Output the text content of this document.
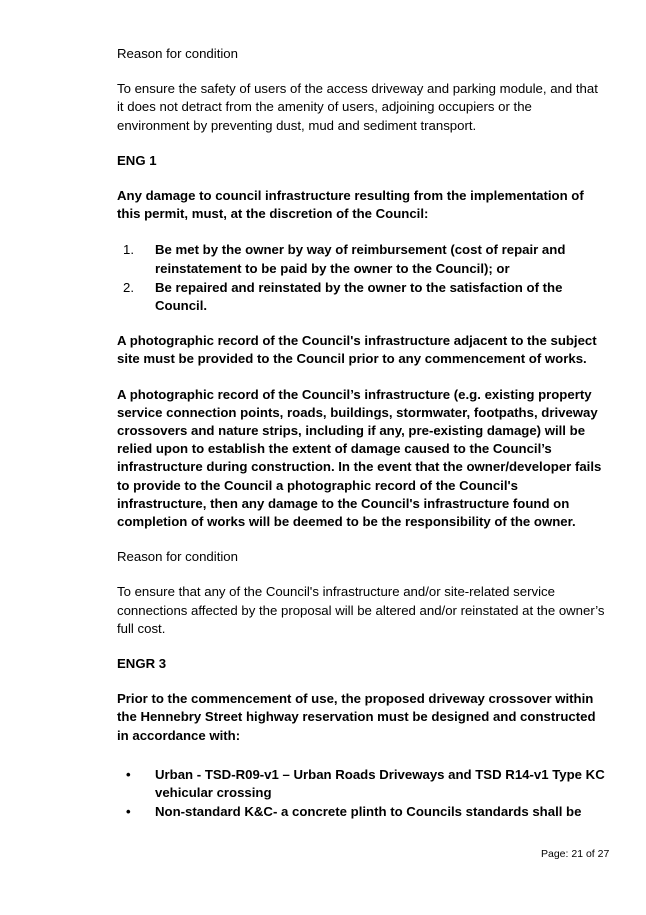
Reason for condition

To ensure the safety of users of the access driveway and parking module, and that it does not detract from the amenity of users, adjoining occupiers or the environment by preventing dust, mud and sediment transport.

ENG 1

Any damage to council infrastructure resulting from the implementation of this permit, must, at the discretion of the Council:

1. Be met by the owner by way of reimbursement (cost of repair and reinstatement to be paid by the owner to the Council); or
2. Be repaired and reinstated by the owner to the satisfaction of the Council.

A photographic record of the Council's infrastructure adjacent to the subject site must be provided to the Council prior to any commencement of works.

A photographic record of the Council’s infrastructure (e.g. existing property service connection points, roads, buildings, stormwater, footpaths, driveway crossovers and nature strips, including if any, pre-existing damage) will be relied upon to establish the extent of damage caused to the Council’s infrastructure during construction. In the event that the owner/developer fails to provide to the Council a photographic record of the Council's infrastructure, then any damage to the Council's infrastructure found on completion of works will be deemed to be the responsibility of the owner.

Reason for condition

To ensure that any of the Council's infrastructure and/or site-related service connections affected by the proposal will be altered and/or reinstated at the owner’s full cost.

ENGR 3

Prior to the commencement of use, the proposed driveway crossover within the Hennebry Street highway reservation must be designed and constructed in accordance with:

• Urban - TSD-R09-v1 – Urban Roads Driveways and TSD R14-v1 Type KC vehicular crossing
• Non-standard K&C- a concrete plinth to Councils standards shall be
Page: 21 of 27
